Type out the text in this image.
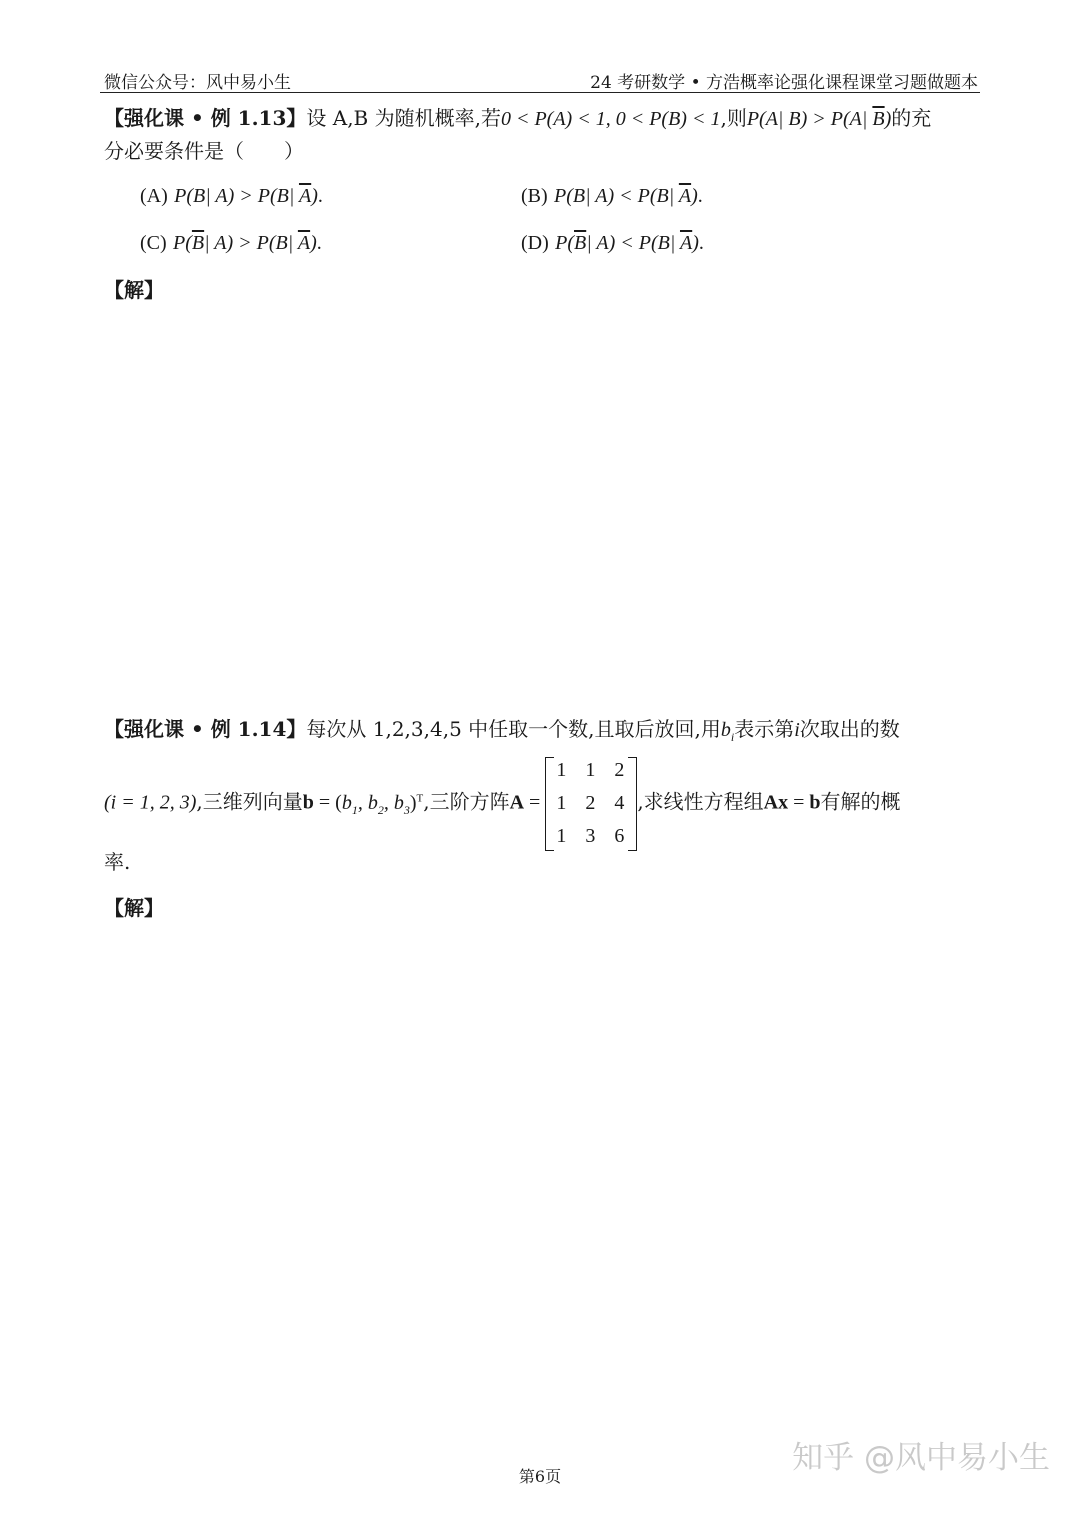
微信公众号：风中易小生	24 考研数学 • 方浩概率论强化课程课堂习题做题本
【强化课 • 例 1.13】设 A,B 为随机概率,若0 < P(A) < 1, 0 < P(B) < 1,则P(A| B) > P(A| $\overline{B}$)的充
分必要条件是（　　）
(A) P(B| A) > P(B| $\overline{A}$).	(B) P(B| A) < P(B| $\overline{A}$).
(C) $P(\overline{B}|$ A) > P(B| $\overline{A}$).	(D) $P(\overline{B}|$ A) < P(B| $\overline{A}$).
【解】
【强化课 • 例 1.14】每次从 1,2,3,4,5 中任取一个数,且取后放回,用$b_i$表示第i次取出的数
(i = 1, 2, 3),三维列向量$b = (b_1$, $b_2$, $b_3)^T$,三阶方阵A =
1 1 2
1 2 4
1 3 6
,求线性方程组Ax = b有解的概
率.
【解】
第6页
知乎 @风中易小生
